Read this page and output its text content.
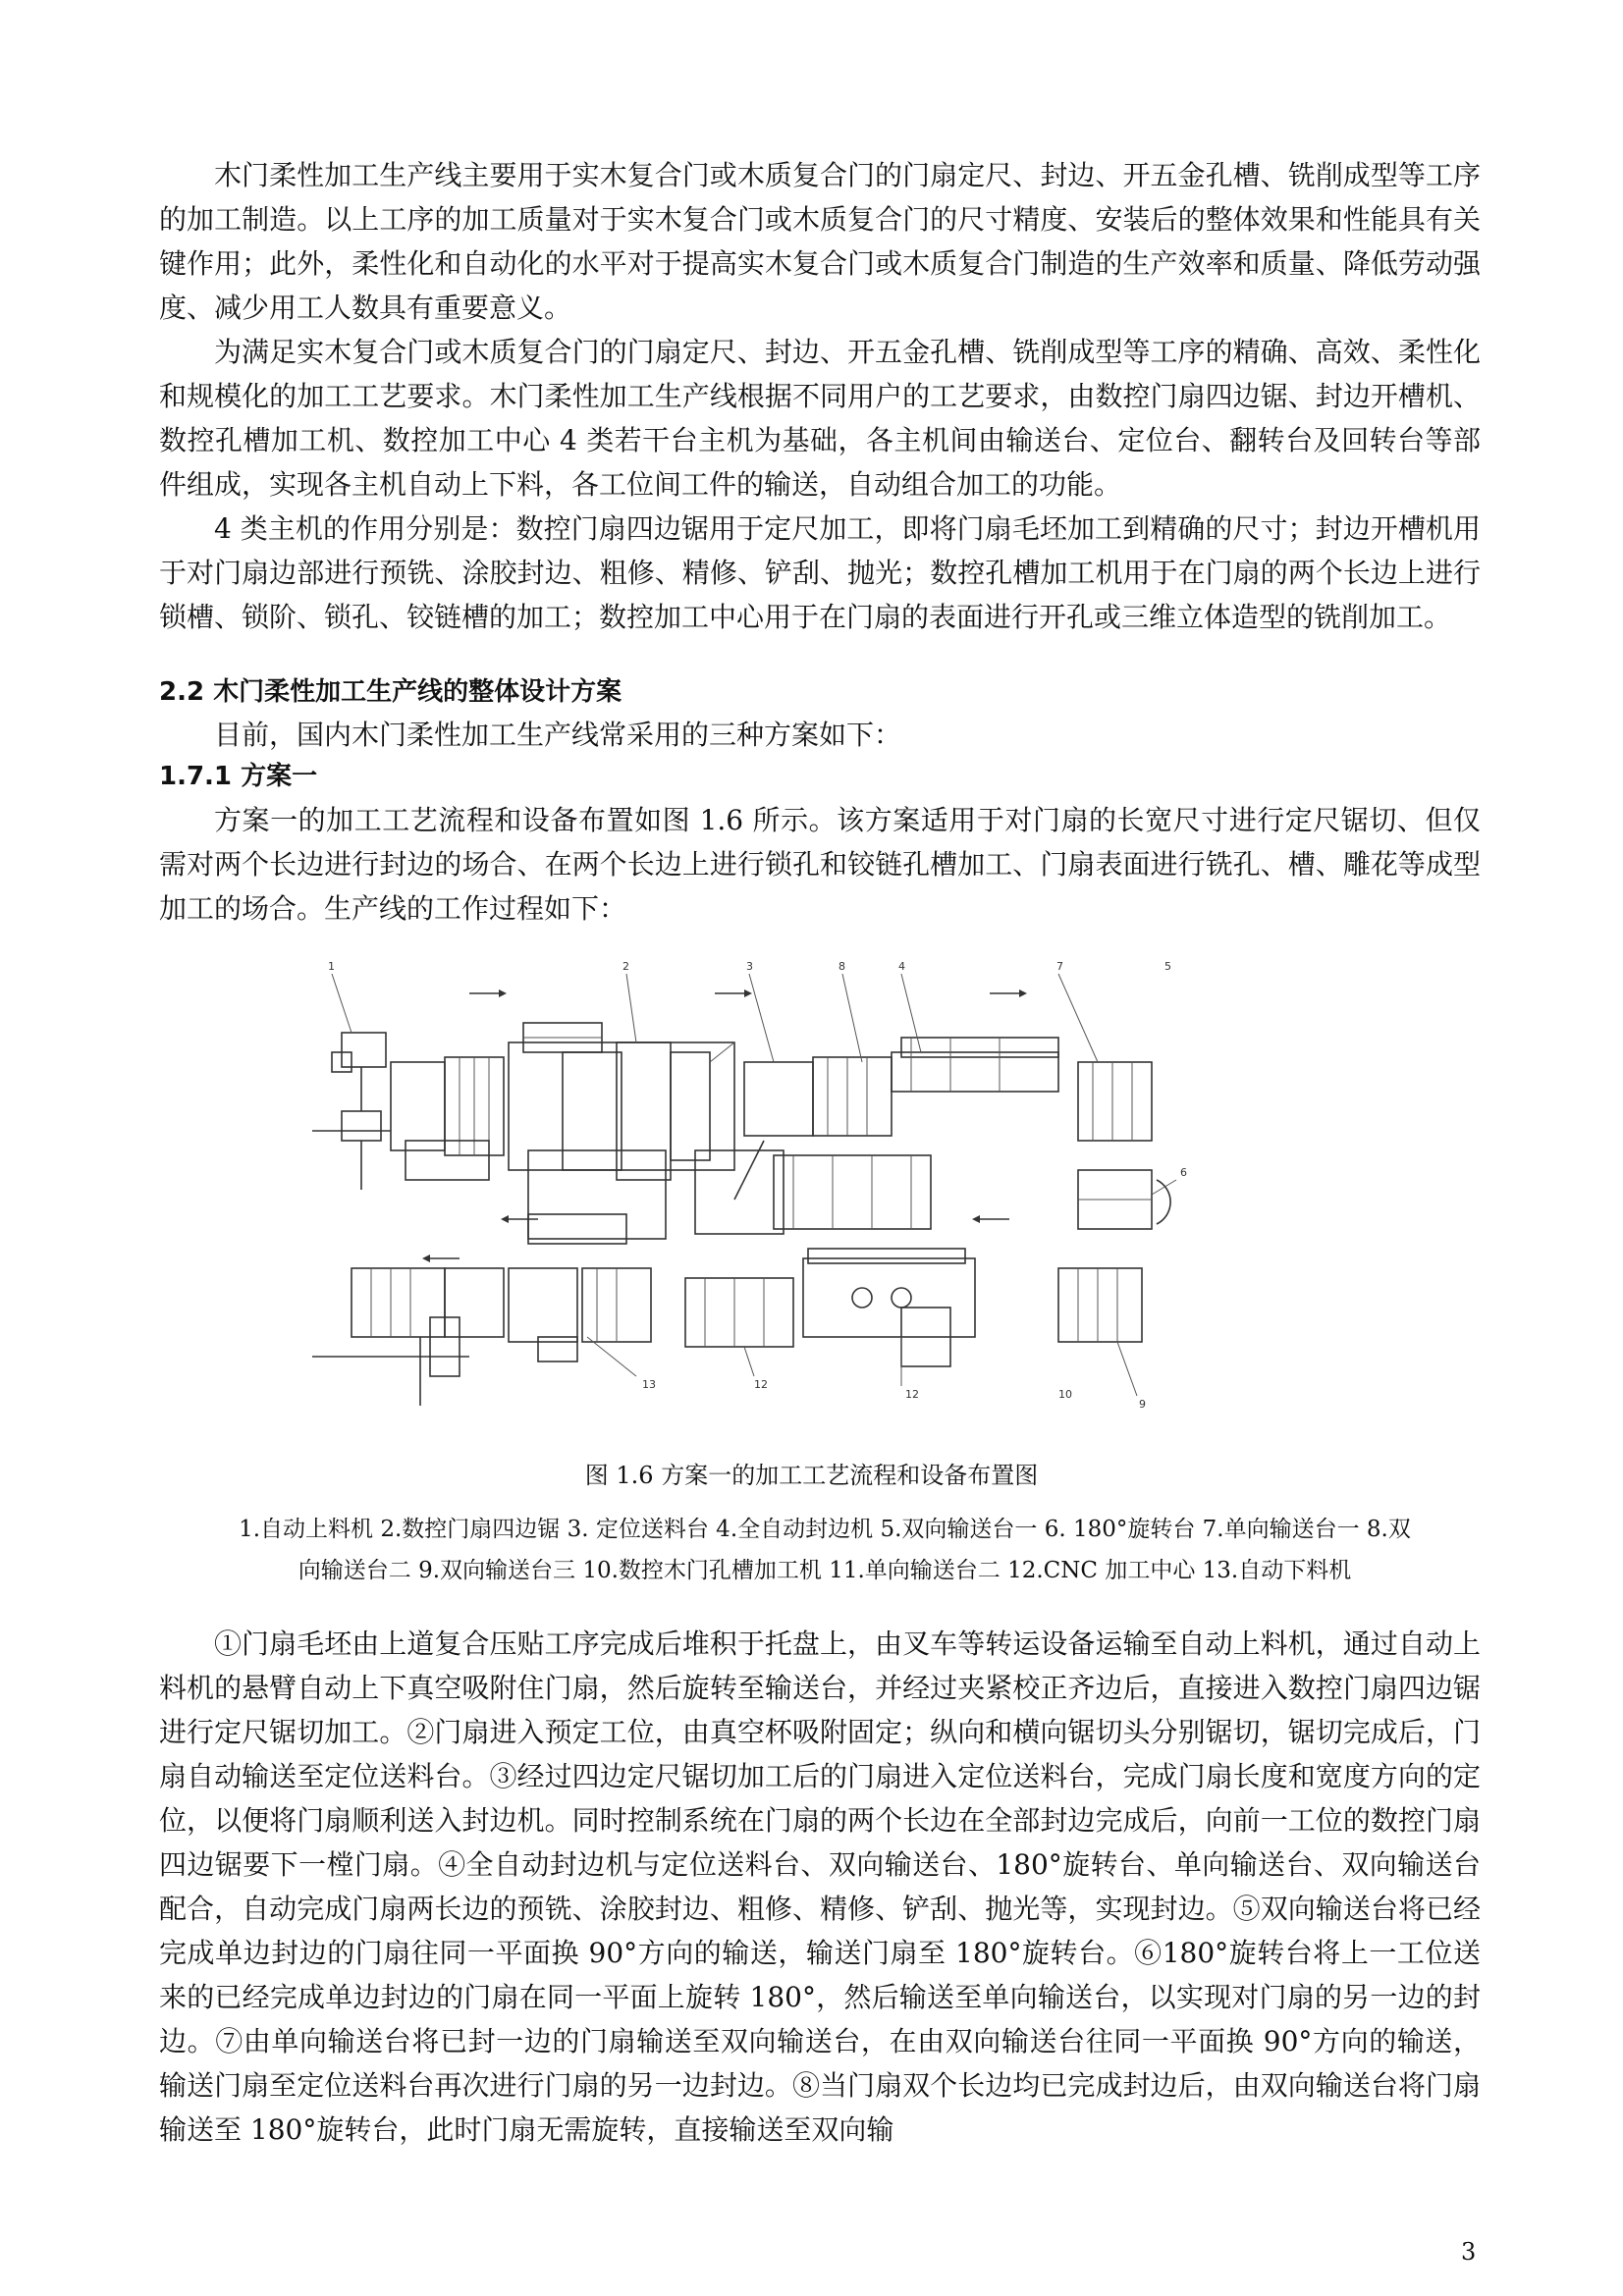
木门柔性加工生产线主要用于实木复合门或木质复合门的门扇定尺、封边、开五金孔槽、铣削成型等工序的加工制造。以上工序的加工质量对于实木复合门或木质复合门的尺寸精度、安装后的整体效果和性能具有关键作用；此外，柔性化和自动化的水平对于提高实木复合门或木质复合门制造的生产效率和质量、降低劳动强度、减少用工人数具有重要意义。

为满足实木复合门或木质复合门的门扇定尺、封边、开五金孔槽、铣削成型等工序的精确、高效、柔性化和规模化的加工工艺要求。木门柔性加工生产线根据不同用户的工艺要求，由数控门扇四边锯、封边开槽机、数控孔槽加工机、数控加工中心 4 类若干台主机为基础，各主机间由输送台、定位台、翻转台及回转台等部件组成，实现各主机自动上下料，各工位间工件的输送，自动组合加工的功能。

4 类主机的作用分别是：数控门扇四边锯用于定尺加工，即将门扇毛坯加工到精确的尺寸；封边开槽机用于对门扇边部进行预铣、涂胶封边、粗修、精修、铲刮、抛光；数控孔槽加工机用于在门扇的两个长边上进行锁槽、锁阶、锁孔、铰链槽的加工；数控加工中心用于在门扇的表面进行开孔或三维立体造型的铣削加工。

2.2 木门柔性加工生产线的整体设计方案

目前，国内木门柔性加工生产线常采用的三种方案如下：

1.7.1 方案一

方案一的加工工艺流程和设备布置如图 1.6 所示。该方案适用于对门扇的长宽尺寸进行定尺锯切、但仅需对两个长边进行封边的场合、在两个长边上进行锁孔和铰链孔槽加工、门扇表面进行铣孔、槽、雕花等成型加工的场合。生产线的工作过程如下：

1	2	3	8	4	7	5
6
13	12
12	10
9

图 1.6 方案一的加工工艺流程和设备布置图

1.自动上料机 2.数控门扇四边锯 3. 定位送料台 4.全自动封边机 5.双向输送台一 6. 180°旋转台 7.单向输送台一 8.双

向输送台二 9.双向输送台三 10.数控木门孔槽加工机 11.单向输送台二 12.CNC 加工中心 13.自动下料机

①门扇毛坯由上道复合压贴工序完成后堆积于托盘上，由叉车等转运设备运输至自动上料机，通过自动上料机的悬臂自动上下真空吸附住门扇，然后旋转至输送台，并经过夹紧校正齐边后，直接进入数控门扇四边锯进行定尺锯切加工。②门扇进入预定工位，由真空杯吸附固定；纵向和横向锯切头分别锯切，锯切完成后，门扇自动输送至定位送料台。③经过四边定尺锯切加工后的门扇进入定位送料台，完成门扇长度和宽度方向的定位，以便将门扇顺利送入封边机。同时控制系统在门扇的两个长边在全部封边完成后，向前一工位的数控门扇四边锯要下一樘门扇。④全自动封边机与定位送料台、双向输送台、180°旋转台、单向输送台、双向输送台配合，自动完成门扇两长边的预铣、涂胶封边、粗修、精修、铲刮、抛光等，实现封边。⑤双向输送台将已经完成单边封边的门扇往同一平面换 90°方向的输送，输送门扇至 180°旋转台。⑥180°旋转台将上一工位送来的已经完成单边封边的门扇在同一平面上旋转 180°，然后输送至单向输送台，以实现对门扇的另一边的封边。⑦由单向输送台将已封一边的门扇输送至双向输送台，在由双向输送台往同一平面换 90°方向的输送，输送门扇至定位送料台再次进行门扇的另一边封边。⑧当门扇双个长边均已完成封边后，由双向输送台将门扇输送至 180°旋转台，此时门扇无需旋转，直接输送至双向输

3
